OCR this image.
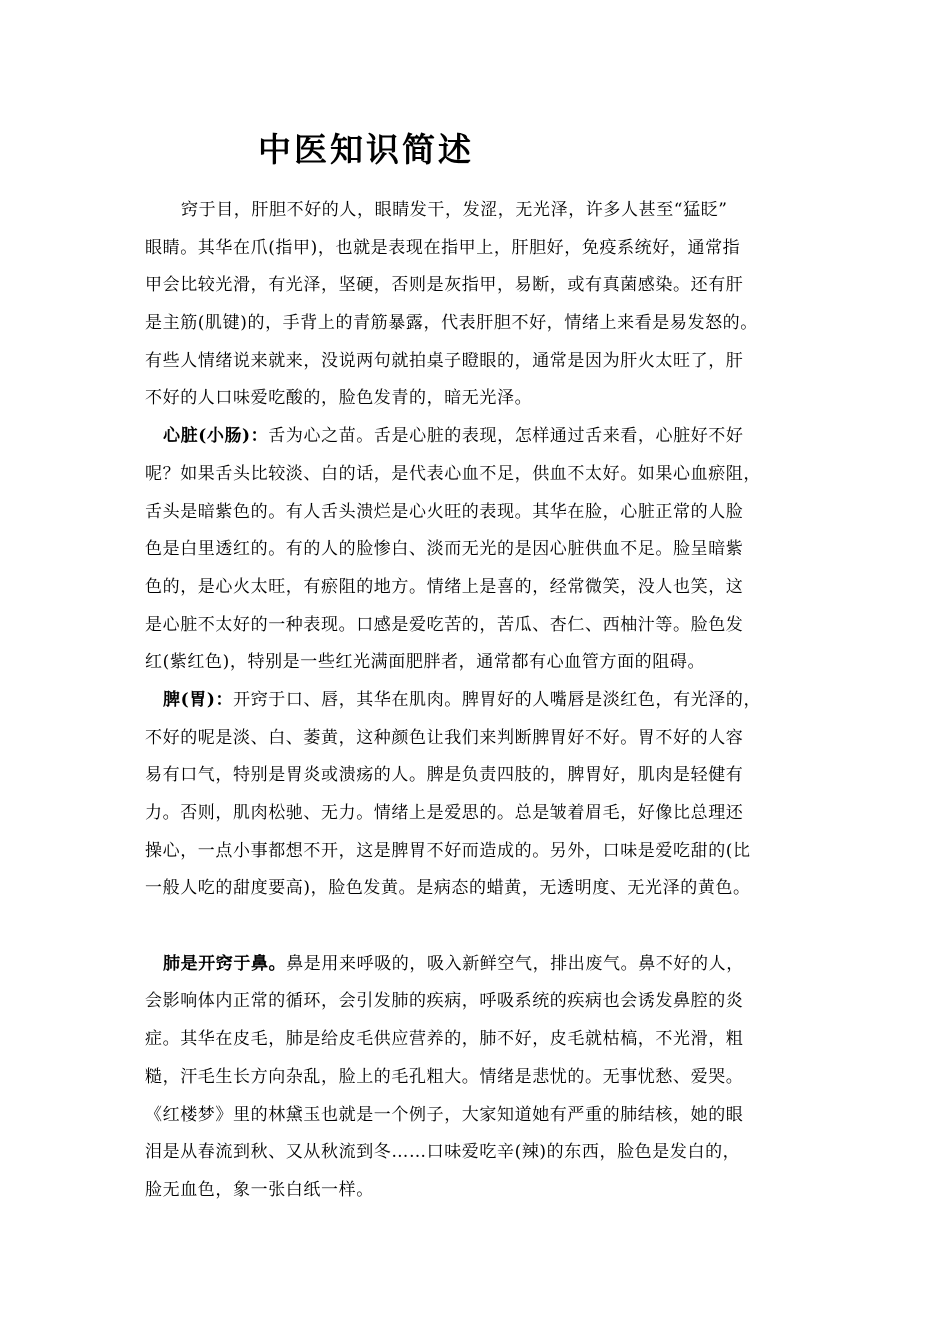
中医知识简述
窍于目，肝胆不好的人，眼睛发干，发涩，无光泽，许多人甚至“猛眨”
眼睛。其华在爪(指甲)，也就是表现在指甲上，肝胆好，免疫系统好，通常指
甲会比较光滑，有光泽，坚硬，否则是灰指甲，易断，或有真菌感染。还有肝
是主筋(肌键)的，手背上的青筋暴露，代表肝胆不好，情绪上来看是易发怒的。
有些人情绪说来就来，没说两句就拍桌子瞪眼的，通常是因为肝火太旺了，肝
不好的人口味爱吃酸的，脸色发青的，暗无光泽。
心脏(小肠)：舌为心之苗。舌是心脏的表现，怎样通过舌来看，心脏好不好
呢？如果舌头比较淡、白的话，是代表心血不足，供血不太好。如果心血瘀阻，
舌头是暗紫色的。有人舌头溃烂是心火旺的表现。其华在脸，心脏正常的人脸
色是白里透红的。有的人的脸惨白、淡而无光的是因心脏供血不足。脸呈暗紫
色的，是心火太旺，有瘀阻的地方。情绪上是喜的，经常微笑，没人也笑，这
是心脏不太好的一种表现。口感是爱吃苦的，苦瓜、杏仁、西柚汁等。脸色发
红(紫红色)，特别是一些红光满面肥胖者，通常都有心血管方面的阻碍。
脾(胃)：开窍于口、唇，其华在肌肉。脾胃好的人嘴唇是淡红色，有光泽的，
不好的呢是淡、白、萎黄，这种颜色让我们来判断脾胃好不好。胃不好的人容
易有口气，特别是胃炎或溃疡的人。脾是负责四肢的，脾胃好，肌肉是轻健有
力。否则，肌肉松驰、无力。情绪上是爱思的。总是皱着眉毛，好像比总理还
操心，一点小事都想不开，这是脾胃不好而造成的。另外，口味是爱吃甜的(比
一般人吃的甜度要高)，脸色发黄。是病态的蜡黄，无透明度、无光泽的黄色。
肺是开窍于鼻。鼻是用来呼吸的，吸入新鲜空气，排出废气。鼻不好的人，
会影响体内正常的循环，会引发肺的疾病，呼吸系统的疾病也会诱发鼻腔的炎
症。其华在皮毛，肺是给皮毛供应营养的，肺不好，皮毛就枯槁，不光滑，粗
糙，汗毛生长方向杂乱，脸上的毛孔粗大。情绪是悲忧的。无事忧愁、爱哭。
《红楼梦》里的林黛玉也就是一个例子，大家知道她有严重的肺结核，她的眼
泪是从春流到秋、又从秋流到冬……口味爱吃辛(辣)的东西，脸色是发白的，
脸无血色，象一张白纸一样。
